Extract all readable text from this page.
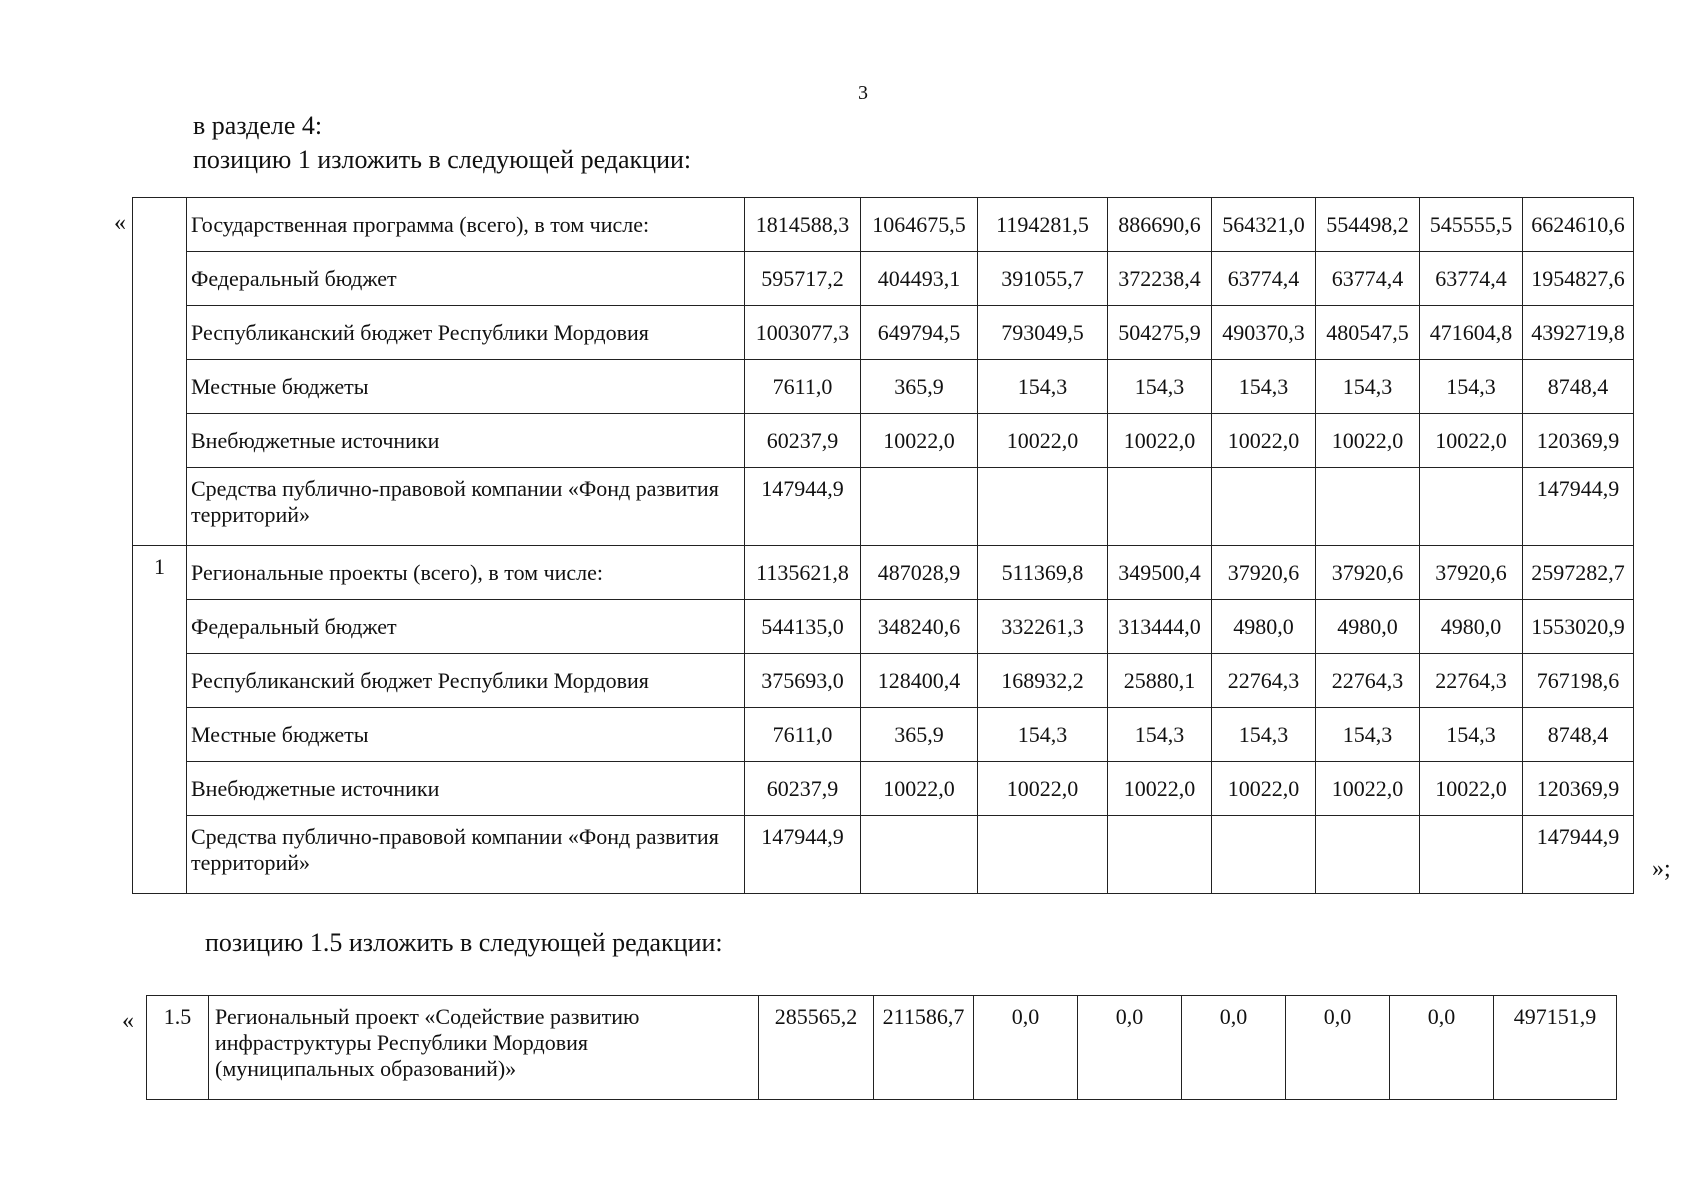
3
в разделе 4:
позицию 1 изложить в следующей редакции:
«
		Государственная программа (всего), в том числе:	1814588,3	1064675,5	1194281,5	886690,6	564321,0	554498,2	545555,5	6624610,6
	Федеральный бюджет	595717,2	404493,1	391055,7	372238,4	63774,4	63774,4	63774,4	1954827,6
	Республиканский бюджет Республики Мордовия	1003077,3	649794,5	793049,5	504275,9	490370,3	480547,5	471604,8	4392719,8
	Местные бюджеты	7611,0	365,9	154,3	154,3	154,3	154,3	154,3	8748,4
	Внебюджетные источники	60237,9	10022,0	10022,0	10022,0	10022,0	10022,0	10022,0	120369,9
	Средства публично-правовой компании «Фонд развития территорий»	147944,9							147944,9
1	Региональные проекты (всего), в том числе:	1135621,8	487028,9	511369,8	349500,4	37920,6	37920,6	37920,6	2597282,7
	Федеральный бюджет	544135,0	348240,6	332261,3	313444,0	4980,0	4980,0	4980,0	1553020,9
	Республиканский бюджет Республики Мордовия	375693,0	128400,4	168932,2	25880,1	22764,3	22764,3	22764,3	767198,6
	Местные бюджеты	7611,0	365,9	154,3	154,3	154,3	154,3	154,3	8748,4
	Внебюджетные источники	60237,9	10022,0	10022,0	10022,0	10022,0	10022,0	10022,0	120369,9
	Средства публично-правовой компании «Фонд развития территорий»	147944,9							147944,9
»;
позицию 1.5 изложить в следующей редакции:
« 1.5	Региональный проект «Содействие развитию инфраструктуры Республики Мордовия (муниципальных образований)»	285565,2	211586,7	0,0	0,0	0,0	0,0	0,0	497151,9
